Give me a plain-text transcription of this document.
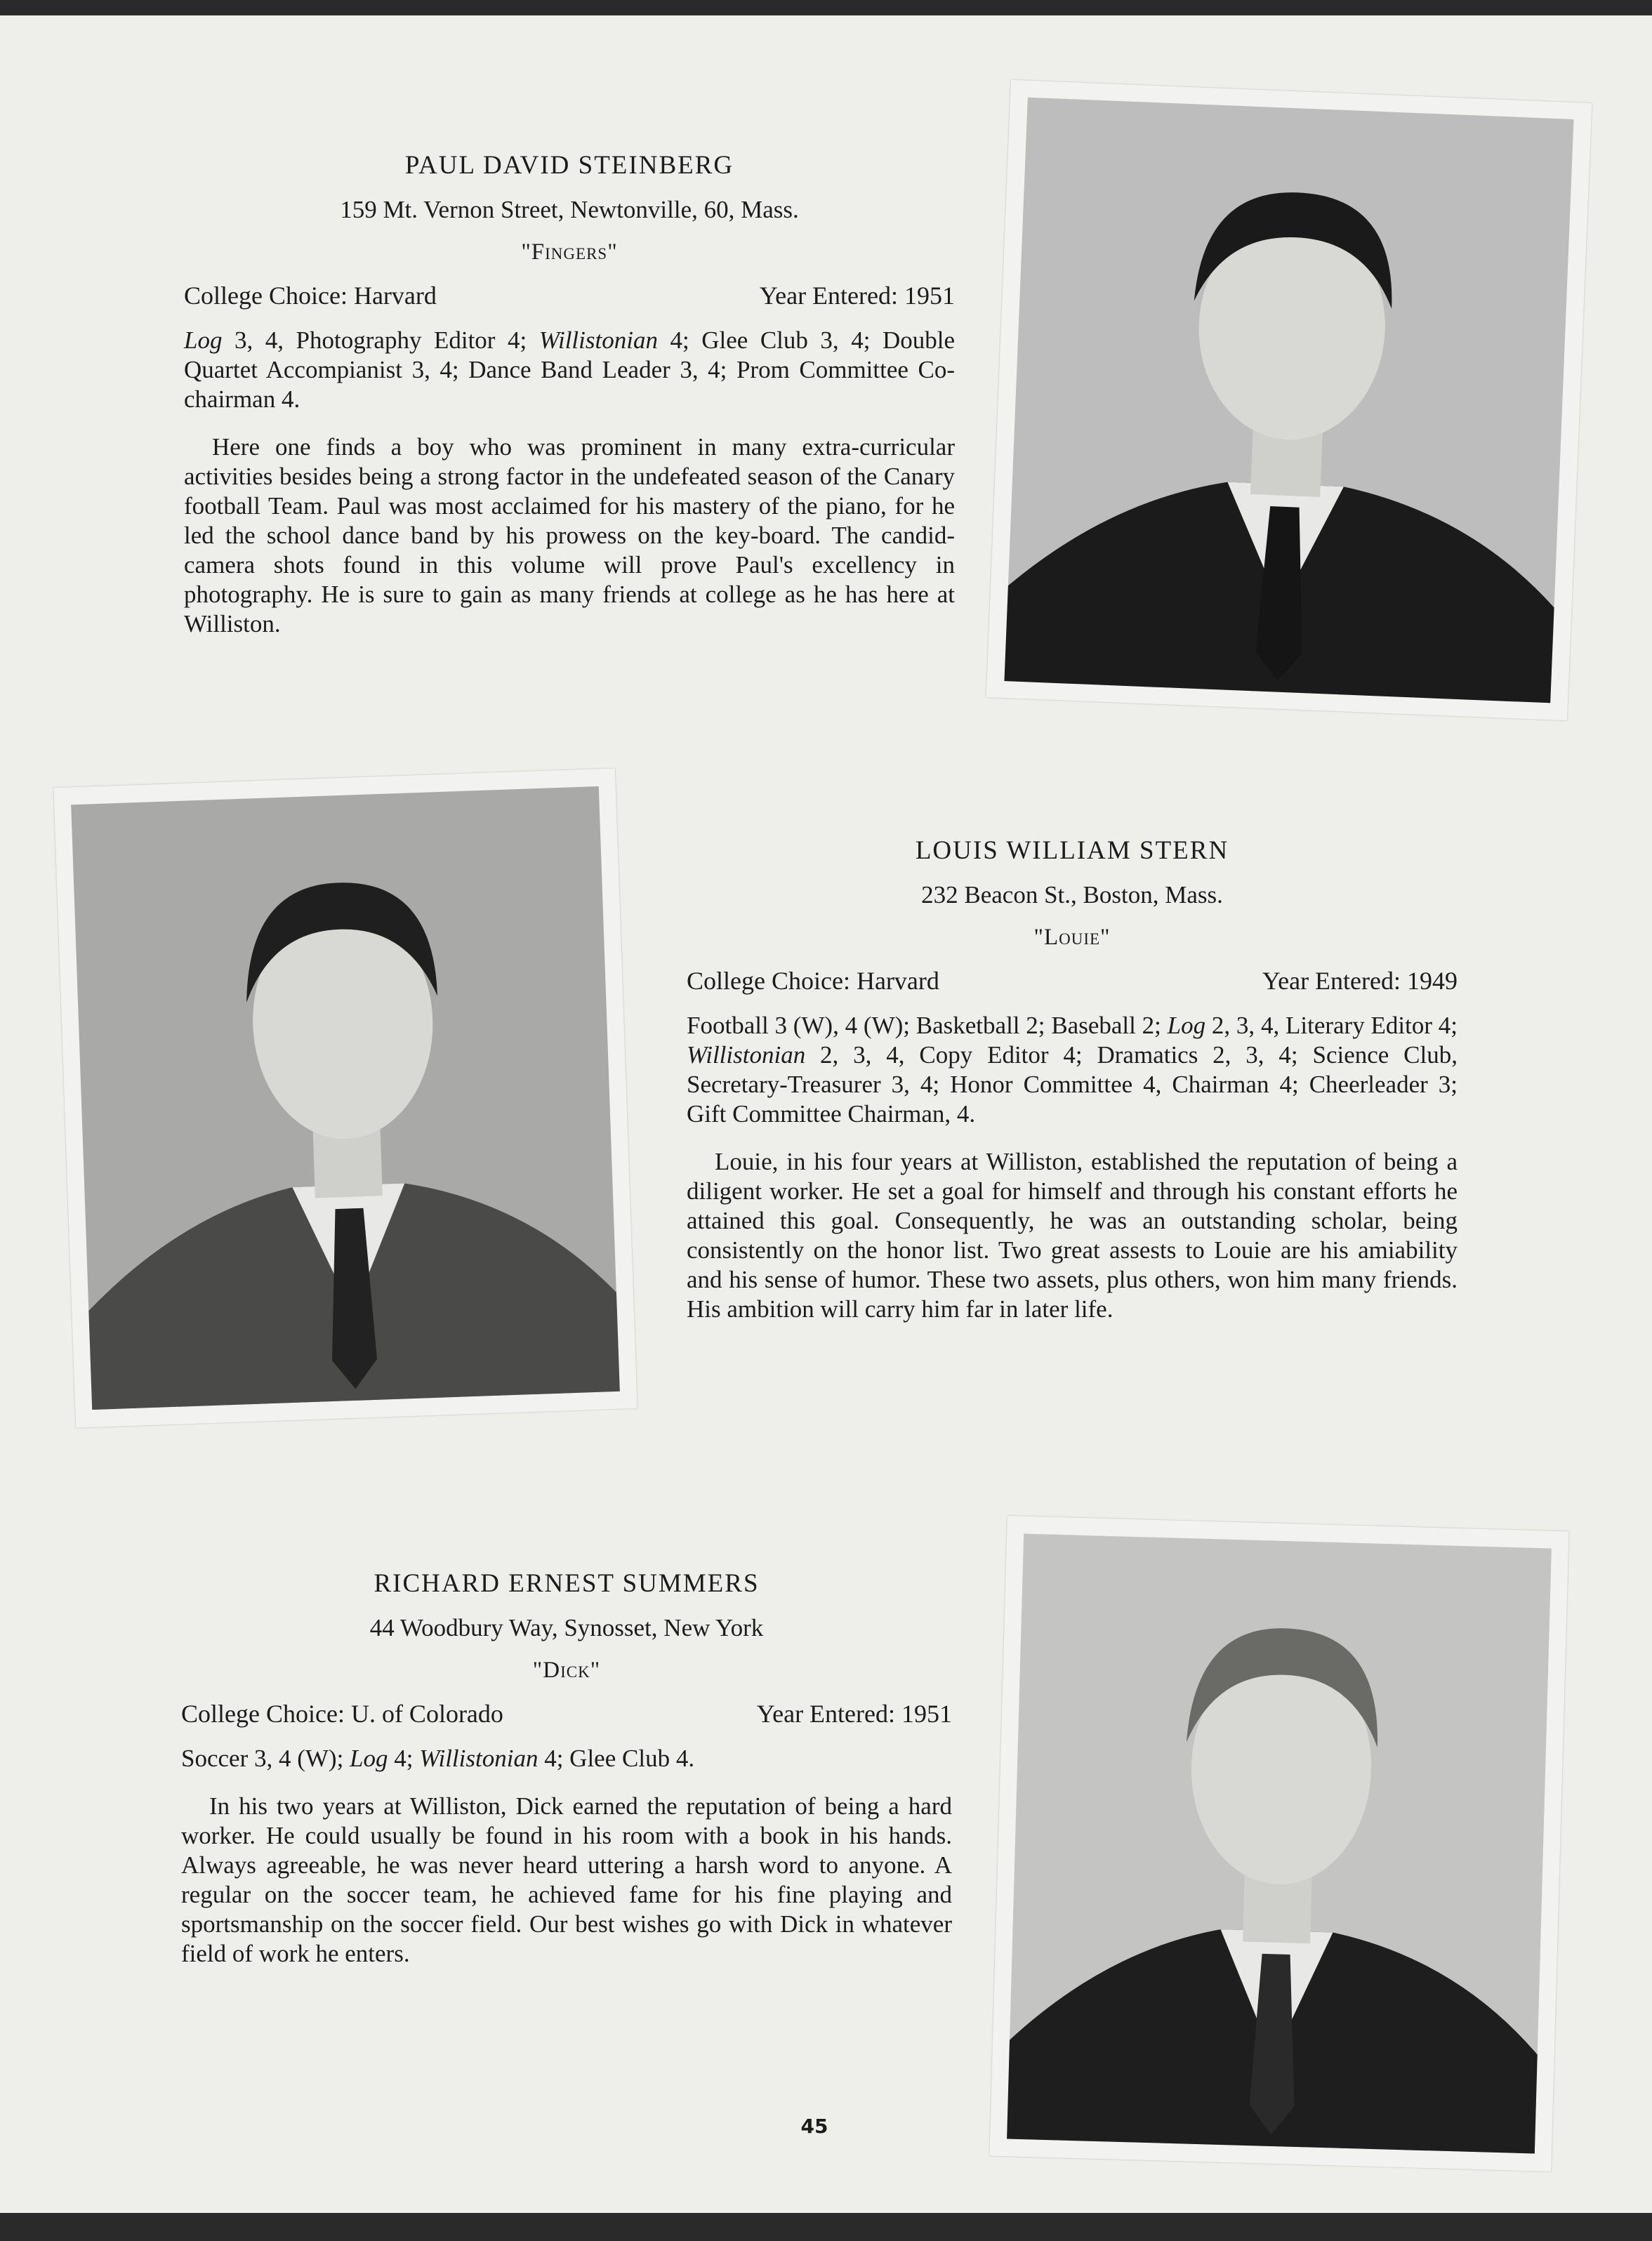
PAUL DAVID STEINBERG
159 Mt. Vernon Street, Newtonville, 60, Mass.
"Fingers"
College Choice: Harvard	Year Entered: 1951

Log 3, 4, Photography Editor 4; Willistonian 4; Glee Club 3, 4; Double Quartet Accompianist 3, 4; Dance Band Leader 3, 4; Prom Committee Co-chairman 4.

Here one finds a boy who was prominent in many extra-curricular activities besides being a strong factor in the undefeated season of the Canary football Team. Paul was most acclaimed for his mastery of the piano, for he led the school dance band by his prowess on the key-board. The candid-camera shots found in this volume will prove Paul's excellency in photography. He is sure to gain as many friends at college as he has here at Williston.

LOUIS WILLIAM STERN
232 Beacon St., Boston, Mass.
"Louie"
College Choice: Harvard	Year Entered: 1949

Football 3 (W), 4 (W); Basketball 2; Baseball 2; Log 2, 3, 4, Literary Editor 4; Willistonian 2, 3, 4, Copy Editor 4; Dramatics 2, 3, 4; Science Club, Secretary-Treasurer 3, 4; Honor Committee 4, Chairman 4; Cheerleader 3; Gift Committee Chairman, 4.

Louie, in his four years at Williston, established the reputation of being a diligent worker. He set a goal for himself and through his constant efforts he attained this goal. Consequently, he was an outstanding scholar, being consistently on the honor list. Two great assests to Louie are his amiability and his sense of humor. These two assets, plus others, won him many friends. His ambition will carry him far in later life.

RICHARD ERNEST SUMMERS
44 Woodbury Way, Synosset, New York
"Dick"
College Choice: U. of Colorado	Year Entered: 1951

Soccer 3, 4 (W); Log 4; Willistonian 4; Glee Club 4.

In his two years at Williston, Dick earned the reputation of being a hard worker. He could usually be found in his room with a book in his hands. Always agreeable, he was never heard uttering a harsh word to anyone. A regular on the soccer team, he achieved fame for his fine playing and sportsmanship on the soccer field. Our best wishes go with Dick in whatever field of work he enters.

45
